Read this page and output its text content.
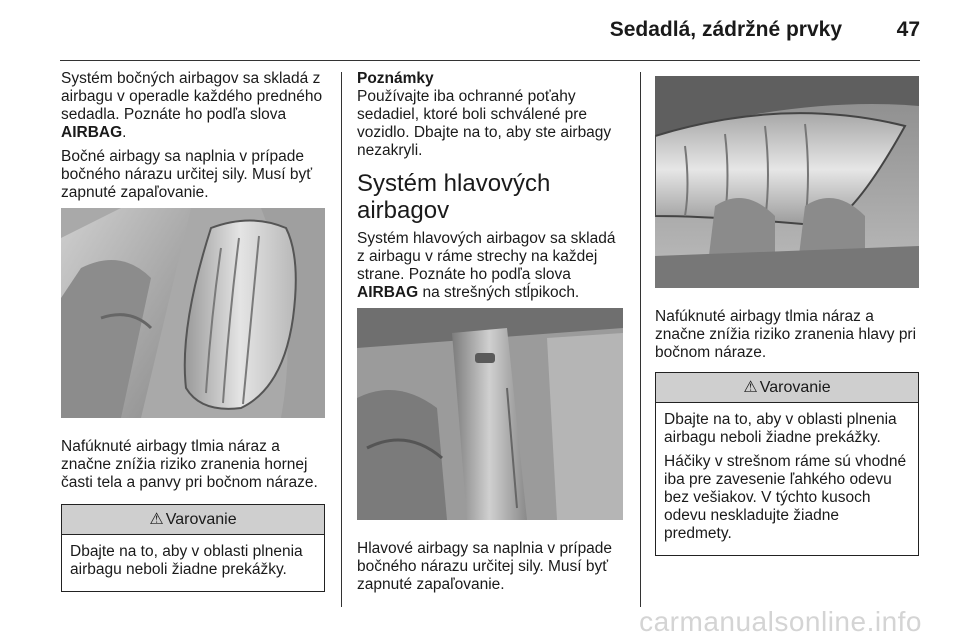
Sedadlá, zádržné prvky	47

Systém bočných airbagov sa skladá z airbagu v operadle každého predného sedadla. Poznáte ho podľa slova AIRBAG.

Bočné airbagy sa naplnia v prípade bočného nárazu určitej sily. Musí byť zapnuté zapaľovanie.

Nafúknuté airbagy tlmia náraz a značne znížia riziko zranenia hornej časti tela a panvy pri bočnom náraze.

⚠ Varovanie

Dbajte na to, aby v oblasti plnenia airbagu neboli žiadne prekážky.

Poznámky

Používajte iba ochranné poťahy sedadiel, ktoré boli schválené pre vozidlo. Dbajte na to, aby ste airbagy nezakryli.

Systém hlavových airbagov

Systém hlavových airbagov sa skladá z airbagu v ráme strechy na každej strane. Poznáte ho podľa slova AIRBAG na strešných stĺpikoch.

Hlavové airbagy sa naplnia v prípade bočného nárazu určitej sily. Musí byť zapnuté zapaľovanie.

Nafúknuté airbagy tlmia náraz a značne znížia riziko zranenia hlavy pri bočnom náraze.

⚠ Varovanie

Dbajte na to, aby v oblasti plnenia airbagu neboli žiadne prekážky.

Háčiky v strešnom ráme sú vhodné iba pre zavesenie ľahkého odevu bez vešiakov. V týchto kusoch odevu neskladujte žiadne predmety.

carmanualsonline.info
